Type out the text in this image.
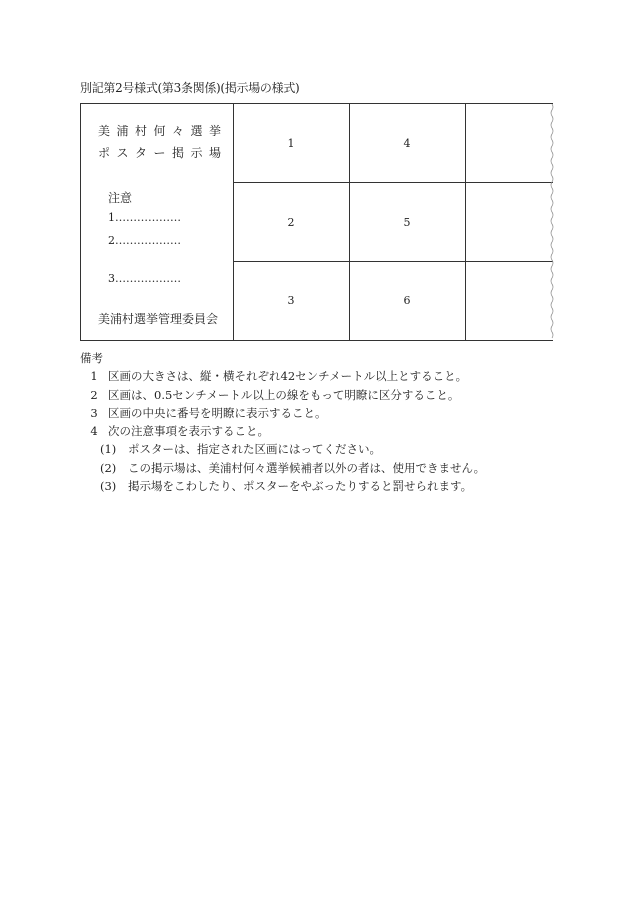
別記第2号様式(第3条関係)(掲示場の様式)
美浦村何々選挙
ポスター掲示場
注意
1………………
2………………
3………………
美浦村選挙管理委員会
1
2
3
4
5
6
備考
1 区画の大きさは、縦・横それぞれ42センチメートル以上とすること。
2 区画は、0.5センチメートル以上の線をもって明瞭に区分すること。
3 区画の中央に番号を明瞭に表示すること。
4 次の注意事項を表示すること。
(1) ポスターは、指定された区画にはってください。
(2) この掲示場は、美浦村何々選挙候補者以外の者は、使用できません。
(3) 掲示場をこわしたり、ポスターをやぶったりすると罰せられます。
